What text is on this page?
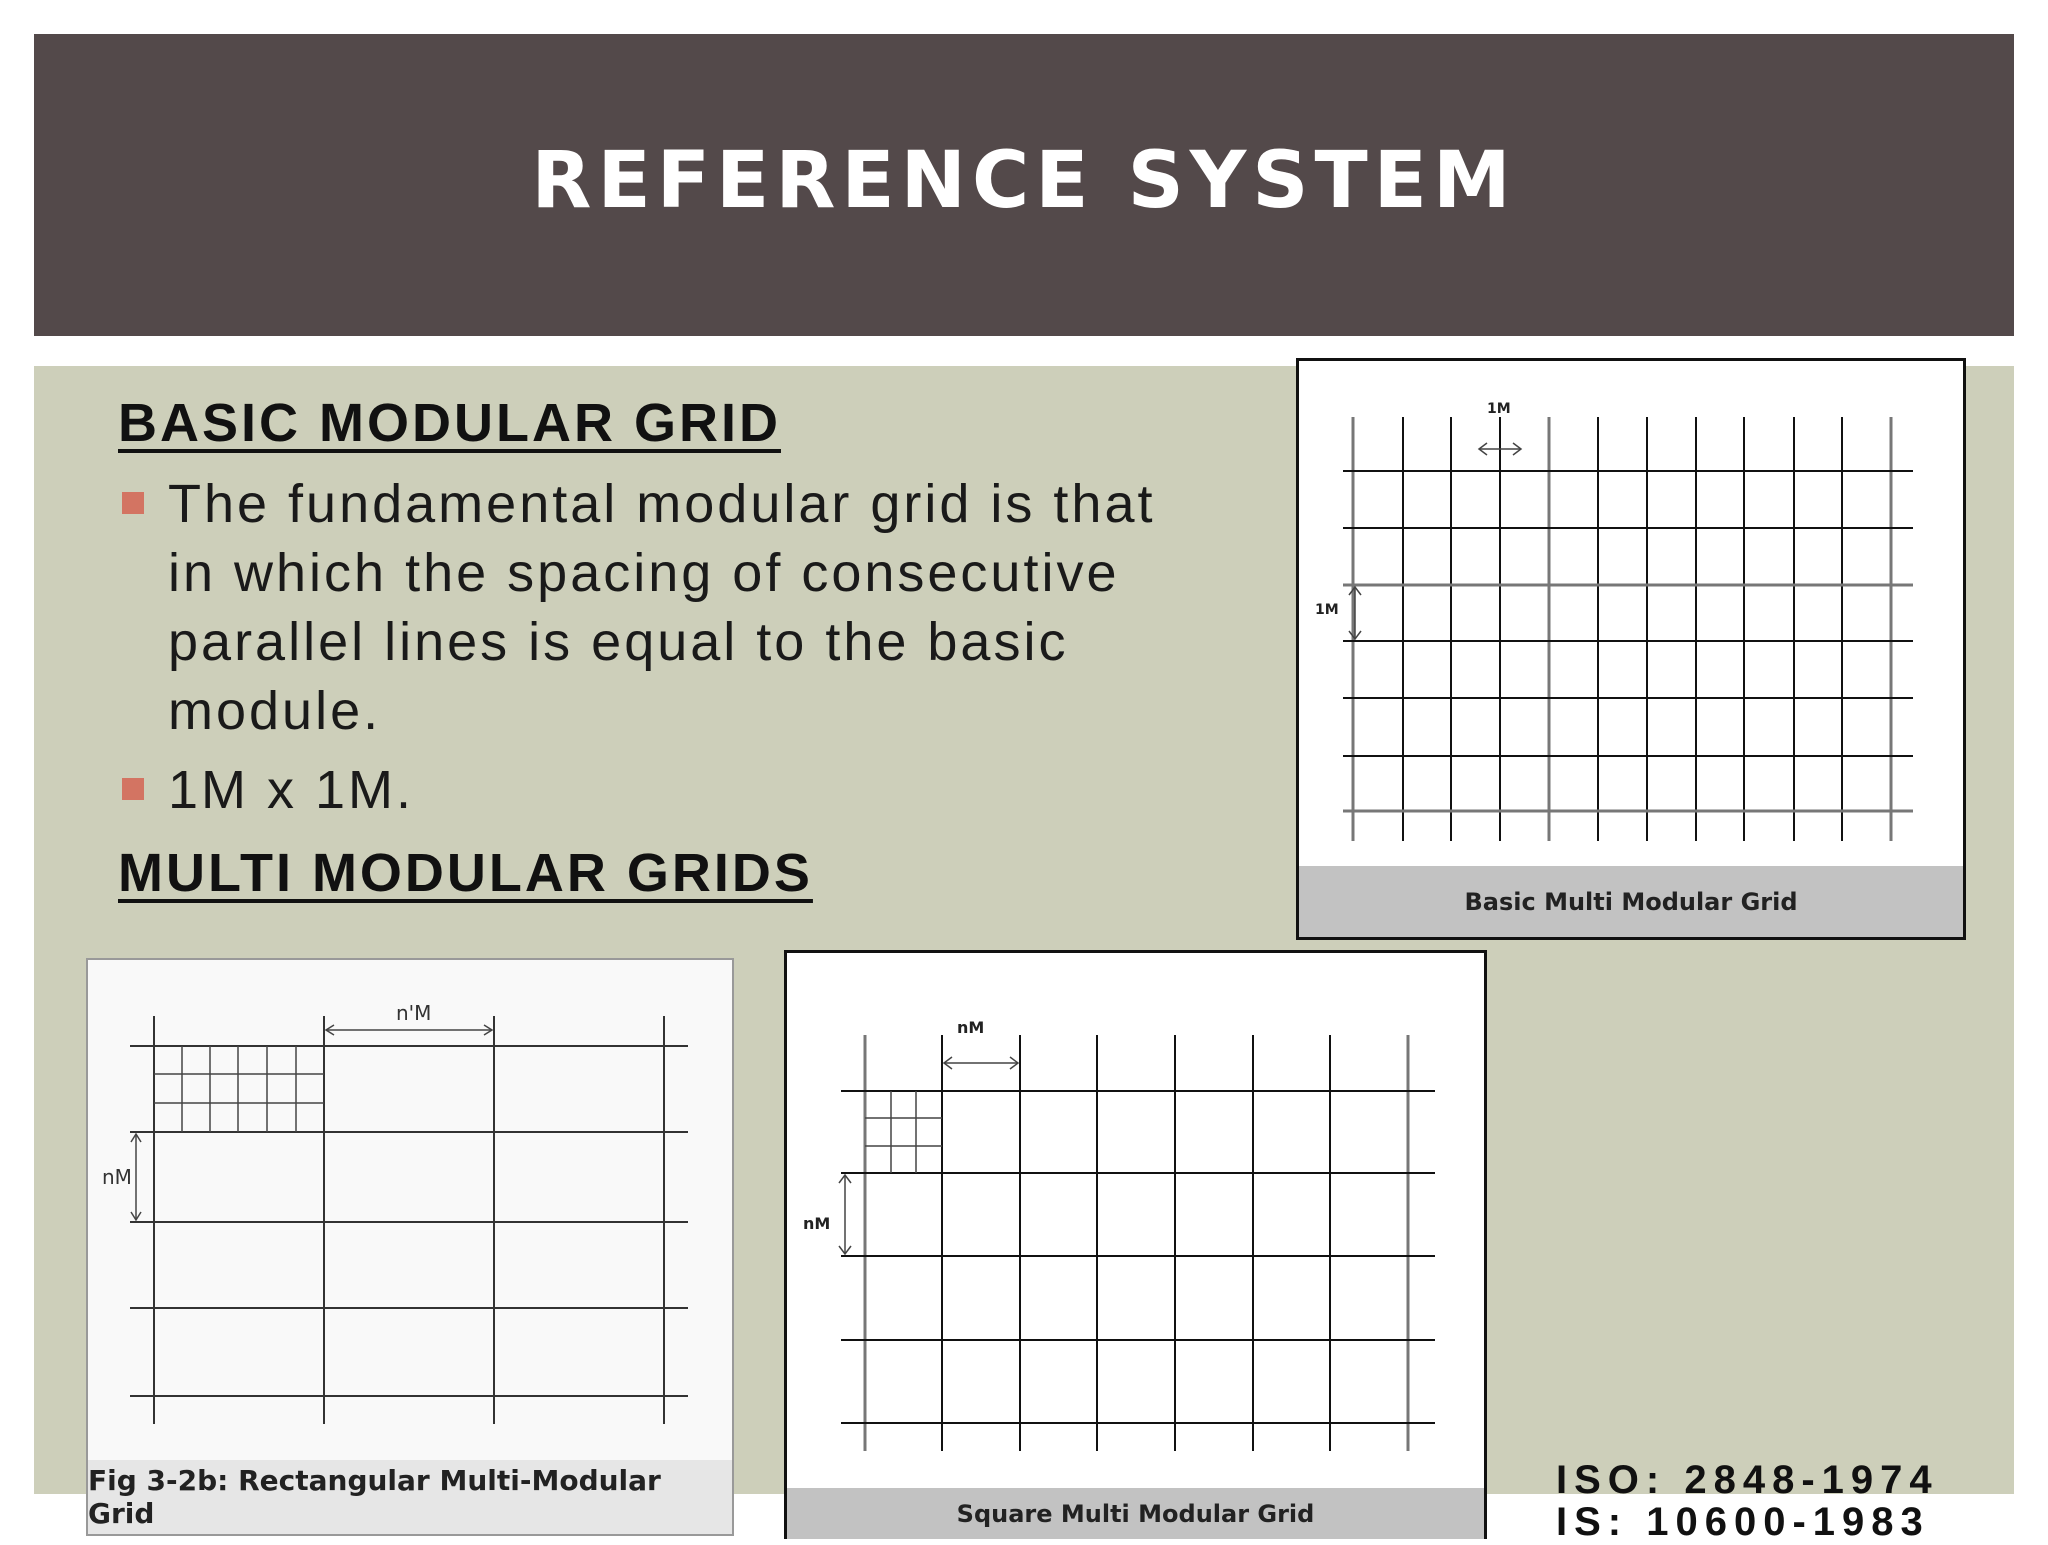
REFERENCE SYSTEM
BASIC MODULAR GRID
The fundamental modular grid is that in which the spacing of consecutive parallel lines is equal to the basic module.
1M x 1M.
MULTI MODULAR GRIDS
1M
1M
Basic Multi Modular Grid
n'M
nM
Fig 3-2b: Rectangular Multi-Modular Grid
nM
nM
Square Multi Modular Grid
ISO: 2848-1974
IS: 10600-1983
